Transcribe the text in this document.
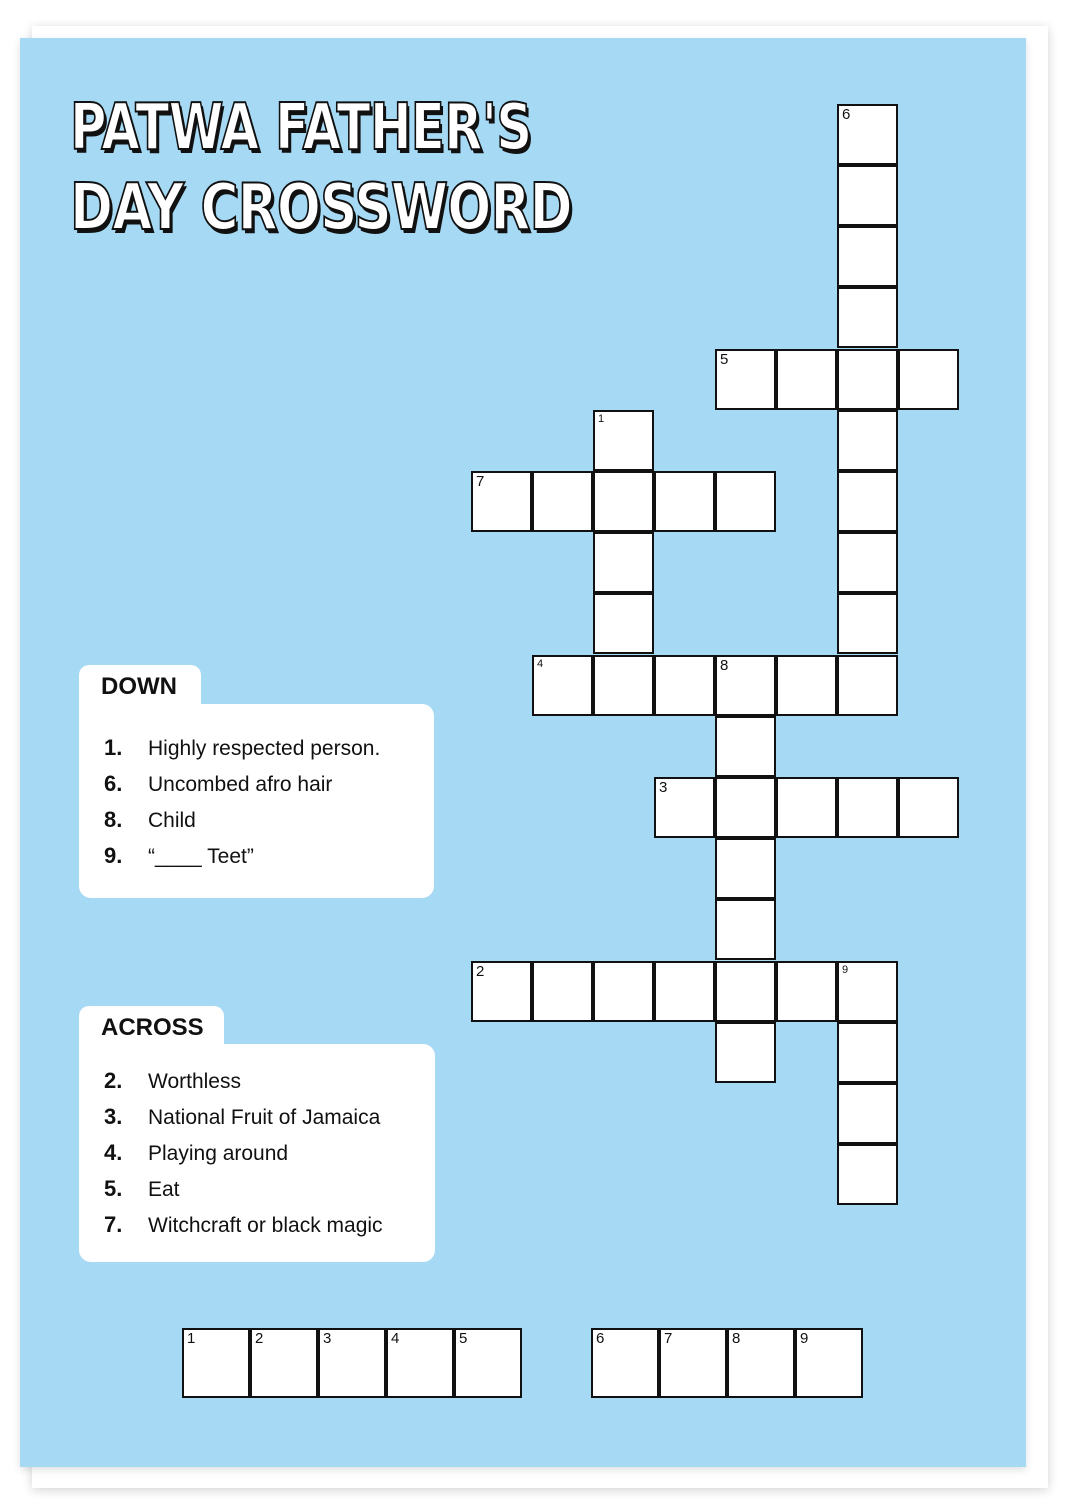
PATWA FATHER'S
DAY CROSSWORD
6
5
1
7
4	8
3
2	9
DOWN
1.	Highly respected person.
6.	Uncombed afro hair
8.	Child
9.	“____ Teet”
ACROSS
2.	Worthless
3.	National Fruit of Jamaica
4.	Playing around
5.	Eat
7.	Witchcraft or black magic
1	2	3	4	5	6	7	8	9
